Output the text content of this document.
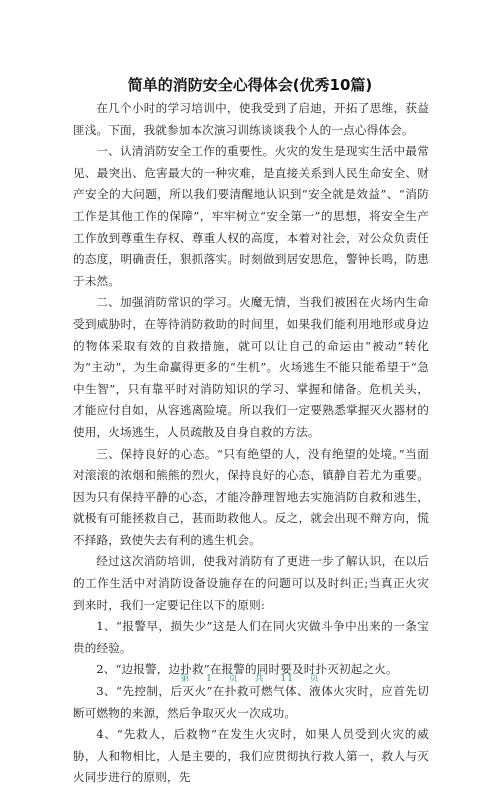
简单的消防安全心得体会(优秀10篇)

在几个小时的学习培训中，使我受到了启迪，开拓了思维，获益匪浅。下面，我就参加本次演习训练谈谈我个人的一点心得体会。

一、认清消防安全工作的重要性。火灾的发生是现实生活中最常见、最突出、危害最大的一种灾难，是直接关系到人民生命安全、财产安全的大问题，所以我们要清醒地认识到“安全就是效益”、“消防工作是其他工作的保障”，牢牢树立“安全第一”的思想，将安全生产工作放到尊重生存权、尊重人权的高度，本着对社会，对公众负责任的态度，明确责任，狠抓落实。时刻做到居安思危，警钟长鸣，防患于未然。

二、加强消防常识的学习。火魔无情，当我们被困在火场内生命受到威胁时，在等待消防救助的时间里，如果我们能利用地形或身边的物体采取有效的自救措施，就可以让自己的命运由“被动”转化为“主动”，为生命赢得更多的“生机”。火场逃生不能只能希望于“急中生智”，只有靠平时对消防知识的学习、掌握和储备。危机关头，才能应付自如，从容逃离险境。所以我们一定要熟悉掌握灭火器材的使用，火场逃生，人员疏散及自身自救的方法。

三、保持良好的心态。“只有绝望的人，没有绝望的处境。”当面对滚滚的浓烟和熊熊的烈火，保持良好的心态，镇静自若尤为重要。因为只有保持平静的心态，才能冷静理智地去实施消防自救和逃生，就极有可能拯救自己，甚而助救他人。反之，就会出现不辩方向，慌不择路，致使失去有利的逃生机会。

经过这次消防培训，使我对消防有了更进一步了解认识，在以后的工作生活中对消防设备设施存在的问题可以及时纠正;当真正火灾到来时，我们一定要记住以下的原则:

1、“报警早，损失少”这是人们在同火灾做斗争中出来的一条宝贵的经验。

2、“边报警，边扑救”在报警的同时要及时扑灭初起之火。

3、“先控制，后灭火”在扑救可燃气体、液体火灾时，应首先切断可燃物的来源，然后争取灭火一次成功。

4、“先救人，后救物”在发生火灾时，如果人员受到火灾的威胁，人和物相比，人是主要的，我们应贯彻执行救人第一，救人与灭火同步进行的原则，先

第 1 页 共 11 页
